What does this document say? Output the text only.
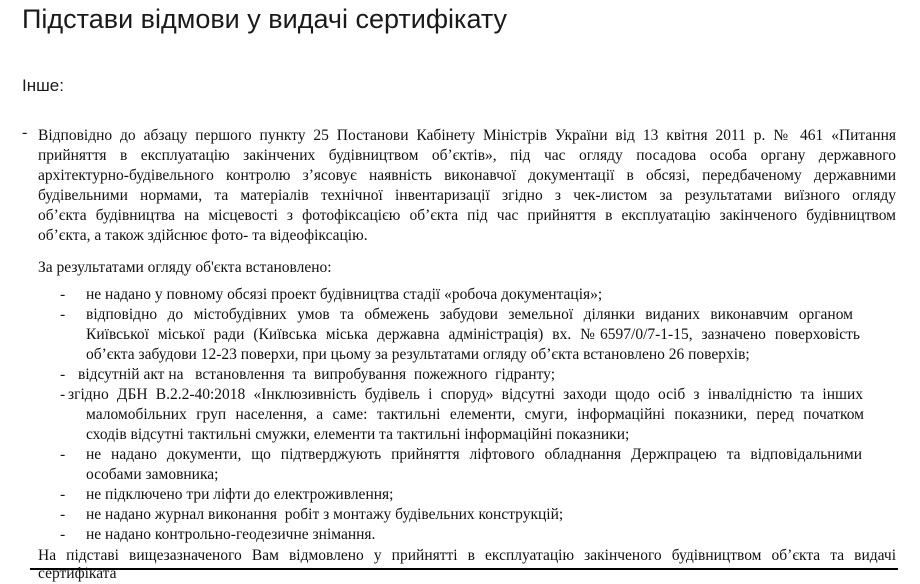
Підстави відмови у видачі сертифікату
Інше:
- Відповідно до абзацу першого пункту 25 Постанови Кабінету Міністрів України від 13 квітня 2011 р. № 461 «Питання
прийняття в експлуатацію закінчених будівництвом об’єктів», під час огляду посадова особа органу державного
архітектурно-будівельного контролю з’ясовує наявність виконавчої документації в обсязі, передбаченому державними
будівельними нормами, та матеріалів технічної інвентаризації згідно з чек-листом за результатами виїзного огляду
об’єкта будівництва на місцевості з фотофіксацією об’єкта під час прийняття в експлуатацію закінченого будівництвом
об’єкта, а також здійснює фото- та відеофіксацію.
За результатами огляду об'єкта встановлено:
- не надано у повному обсязі проект будівництва стадії «робоча документація»;
- відповідно до містобудівних умов та обмежень забудови земельної ділянки виданих виконавчим органом
Київської міської ради (Київська міська державна адміністрація) вх. №6597/0/7-1-15, зазначено поверховість
об’єкта забудови 12-23 поверхи, при цьому за результатами огляду об’єкта встановлено 26 поверхів;
- відсутній акт на   встановлення  та  випробування  пожежного  гідранту;
- згідно ДБН В.2.2-40:2018 «Інклюзивність будівель і споруд» відсутні заходи щодо осіб з інвалідністю та інших
маломобільних груп населення, а саме: тактильні елементи, смуги, інформаційні показники, перед початком
сходів відсутні тактильні смужки, елементи та тактильні інформаційні показники;
- не надано документи, що підтверджують прийняття ліфтового обладнання Держпрацею та відповідальними
особами замовника;
- не підключено три ліфти до електроживлення;
- не надано журнал виконання  робіт з монтажу будівельних конструкцій;
- не надано контрольно-геодезичне знімання.
На підставі вищезазначеного Вам відмовлено у прийнятті в експлуатацію закінченого будівництвом об’єкта та видачі
сертифіката
